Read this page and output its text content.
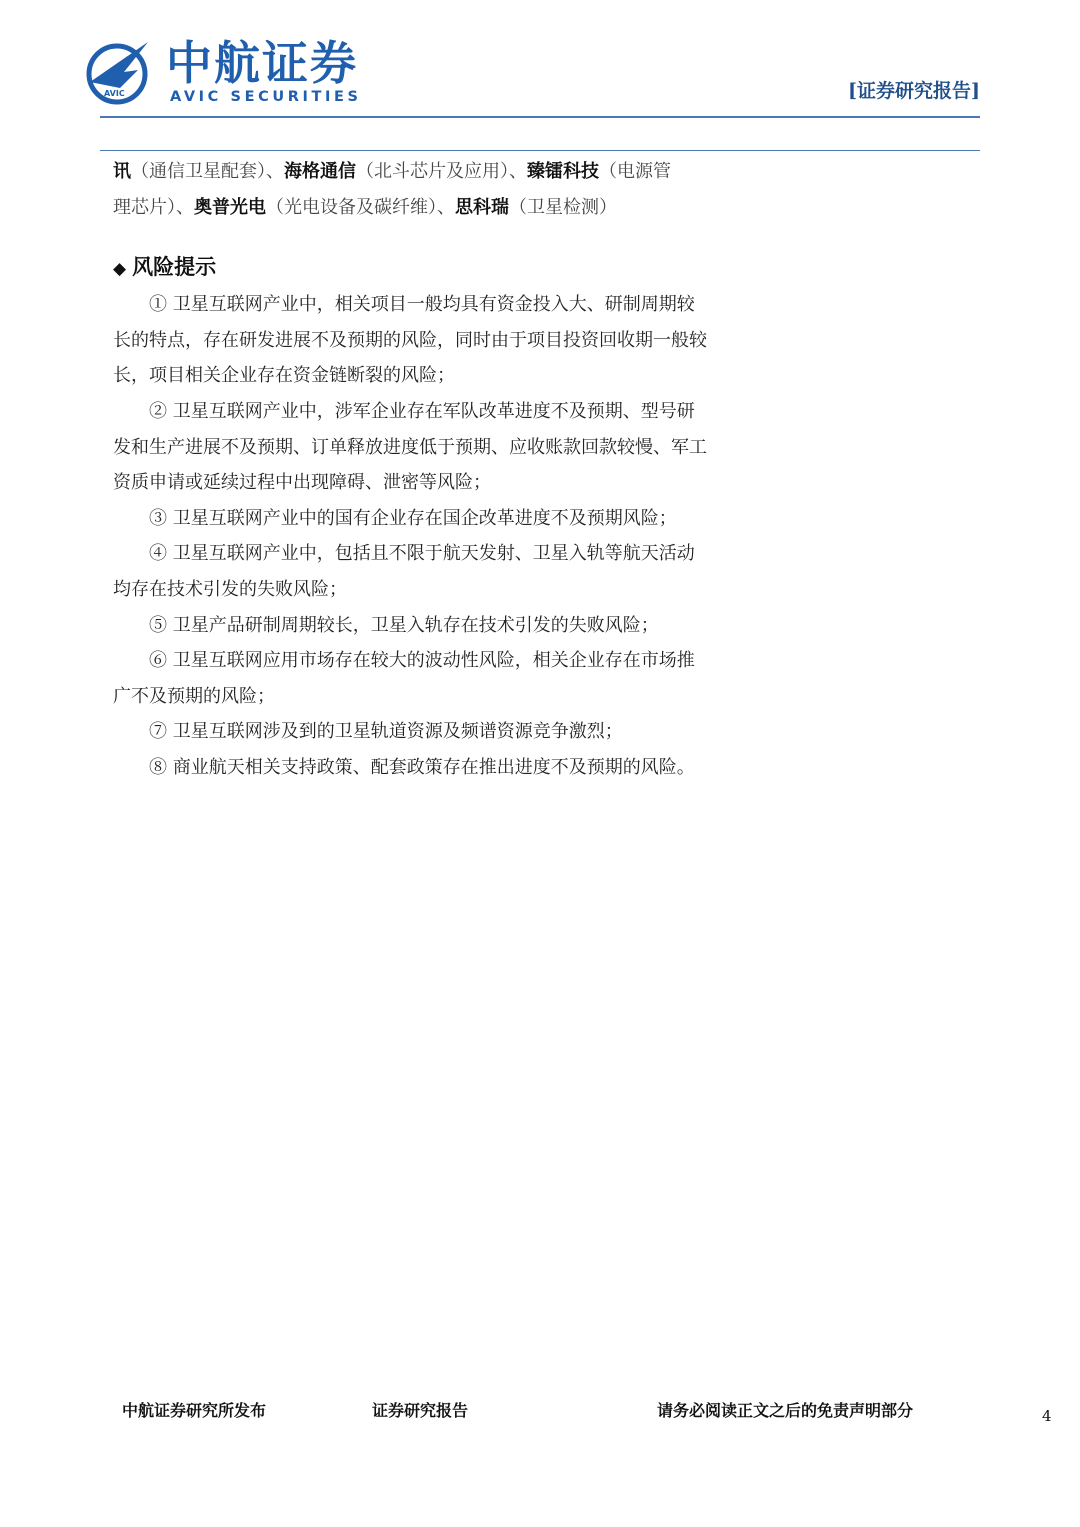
AVIC
中航证券
AVIC SECURITIES	[证券研究报告]
讯（通信卫星配套）、海格通信（北斗芯片及应用）、臻镭科技（电源管
理芯片）、奥普光电（光电设备及碳纤维）、思科瑞（卫星检测）
◆ 风险提示
① 卫星互联网产业中，相关项目一般均具有资金投入大、研制周期较
长的特点，存在研发进展不及预期的风险，同时由于项目投资回收期一般较
长，项目相关企业存在资金链断裂的风险；
② 卫星互联网产业中，涉军企业存在军队改革进度不及预期、型号研
发和生产进展不及预期、订单释放进度低于预期、应收账款回款较慢、军工
资质申请或延续过程中出现障碍、泄密等风险；
③ 卫星互联网产业中的国有企业存在国企改革进度不及预期风险；
④ 卫星互联网产业中，包括且不限于航天发射、卫星入轨等航天活动
均存在技术引发的失败风险；
⑤ 卫星产品研制周期较长，卫星入轨存在技术引发的失败风险；
⑥ 卫星互联网应用市场存在较大的波动性风险，相关企业存在市场推
广不及预期的风险；
⑦ 卫星互联网涉及到的卫星轨道资源及频谱资源竞争激烈；
⑧ 商业航天相关支持政策、配套政策存在推出进度不及预期的风险。
中航证券研究所发布	证券研究报告	请务必阅读正文之后的免责声明部分	4
